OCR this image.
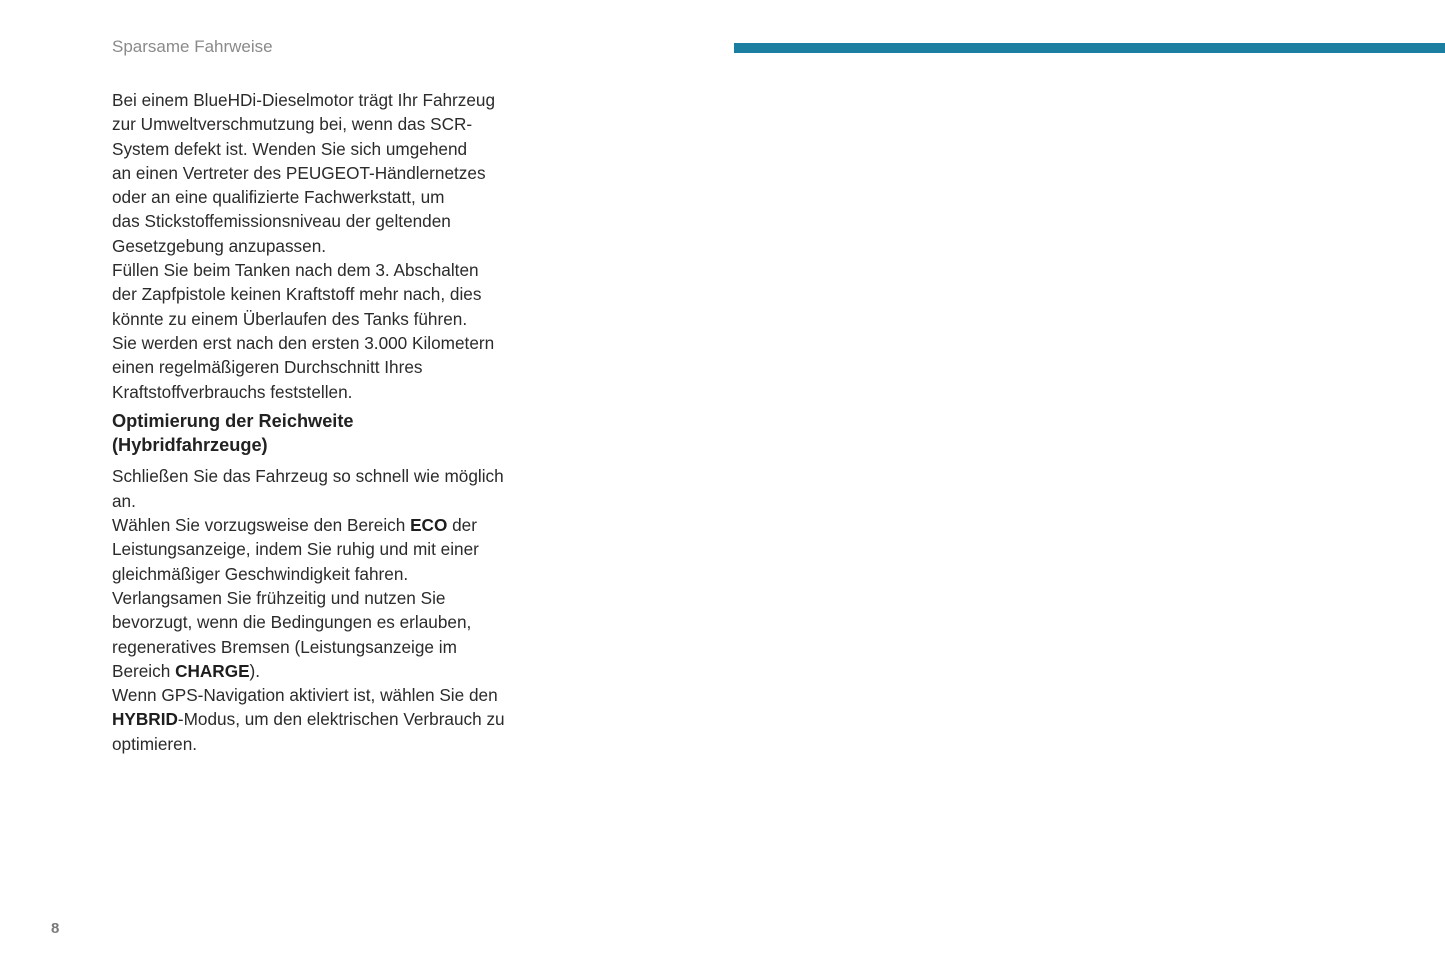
Sparsame Fahrweise

Bei einem BlueHDi-Dieselmotor trägt Ihr Fahrzeug
zur Umweltverschmutzung bei, wenn das SCR-
System defekt ist. Wenden Sie sich umgehend
an einen Vertreter des PEUGEOT-Händlernetzes
oder an eine qualifizierte Fachwerkstatt, um
das Stickstoffemissionsniveau der geltenden
Gesetzgebung anzupassen.

Füllen Sie beim Tanken nach dem 3. Abschalten
der Zapfpistole keinen Kraftstoff mehr nach, dies
könnte zu einem Überlaufen des Tanks führen.

Sie werden erst nach den ersten 3.000 Kilometern
einen regelmäßigeren Durchschnitt Ihres
Kraftstoffverbrauchs feststellen.

Optimierung der Reichweite
(Hybridfahrzeuge)

Schließen Sie das Fahrzeug so schnell wie möglich
an.

Wählen Sie vorzugsweise den Bereich ECO der
Leistungsanzeige, indem Sie ruhig und mit einer
gleichmäßiger Geschwindigkeit fahren.

Verlangsamen Sie frühzeitig und nutzen Sie
bevorzugt, wenn die Bedingungen es erlauben,
regeneratives Bremsen (Leistungsanzeige im
Bereich CHARGE).

Wenn GPS-Navigation aktiviert ist, wählen Sie den
HYBRID-Modus, um den elektrischen Verbrauch zu
optimieren.

8
